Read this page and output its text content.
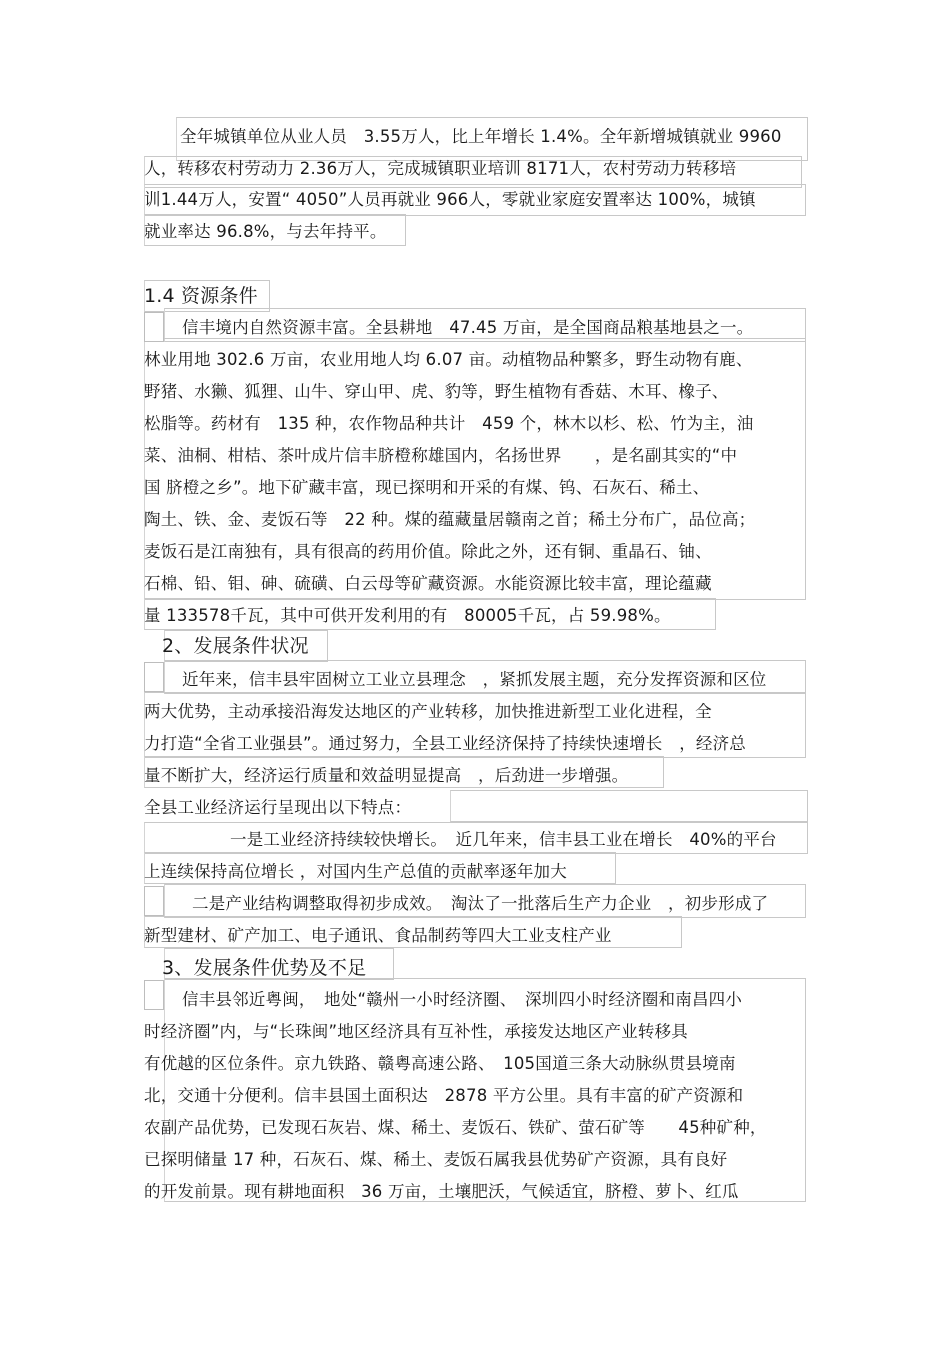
全年城镇单位从业人员　3.55万人，比上年增长 1.4%。全年新增城镇就业 9960
人，转移农村劳动力 2.36万人，完成城镇职业培训 8171人，农村劳动力转移培
训1.44万人，安置“ 4050”人员再就业 966人，零就业家庭安置率达 100%，城镇
就业率达 96.8%，与去年持平。
1.4 资源条件
信丰境内自然资源丰富。全县耕地　47.45 万亩，是全国商品粮基地县之一。
林业用地 302.6 万亩，农业用地人均 6.07 亩。动植物品种繁多，野生动物有鹿、
野猪、水獭、狐狸、山牛、穿山甲、虎、豹等，野生植物有香菇、木耳、橡子、
松脂等。药材有　135 种，农作物品种共计　459 个，林木以杉、松、竹为主，油
菜、油桐、柑桔、茶叶成片信丰脐橙称雄国内，名扬世界　　，是名副其实的“中
国 脐橙之乡”。地下矿藏丰富，现已探明和开采的有煤、钨、石灰石、稀土、
陶土、铁、金、麦饭石等　22 种。煤的蕴藏量居赣南之首；稀土分布广，品位高；
麦饭石是江南独有，具有很高的药用价值。除此之外，还有铜、重晶石、铀、
石棉、铅、钼、砷、硫磺、白云母等矿藏资源。水能资源比较丰富，理论蕴藏
量 133578千瓦，其中可供开发利用的有　80005千瓦，占 59.98%。
2、发展条件状况
近年来，信丰县牢固树立工业立县理念　，紧抓发展主题，充分发挥资源和区位
两大优势，主动承接沿海发达地区的产业转移，加快推进新型工业化进程，全
力打造“全省工业强县”。通过努力，全县工业经济保持了持续快速增长　，经济总
量不断扩大，经济运行质量和效益明显提高　，后劲进一步增强。
全县工业经济运行呈现出以下特点：
一是工业经济持续较快增长。　近几年来，信丰县工业在增长　40%的平台
上连续保持高位增长 ，对国内生产总值的贡献率逐年加大
二是产业结构调整取得初步成效。　淘汰了一批落后生产力企业　，初步形成了
新型建材、矿产加工、电子通讯、食品制药等四大工业支柱产业
3、发展条件优势及不足
信丰县邻近粤闽，　地处“赣州一小时经济圈、　深圳四小时经济圈和南昌四小
时经济圈”内，与“长珠闽”地区经济具有互补性，承接发达地区产业转移具
有优越的区位条件。京九铁路、赣粤高速公路、　105国道三条大动脉纵贯县境南
北，交通十分便利。信丰县国土面积达　2878 平方公里。具有丰富的矿产资源和
农副产品优势，已发现石灰岩、煤、稀土、麦饭石、铁矿、萤石矿等　　45种矿种，
已探明储量 17 种，石灰石、煤、稀土、麦饭石属我县优势矿产资源，具有良好
的开发前景。现有耕地面积　36 万亩，土壤肥沃，气候适宜，脐橙、萝卜、红瓜
